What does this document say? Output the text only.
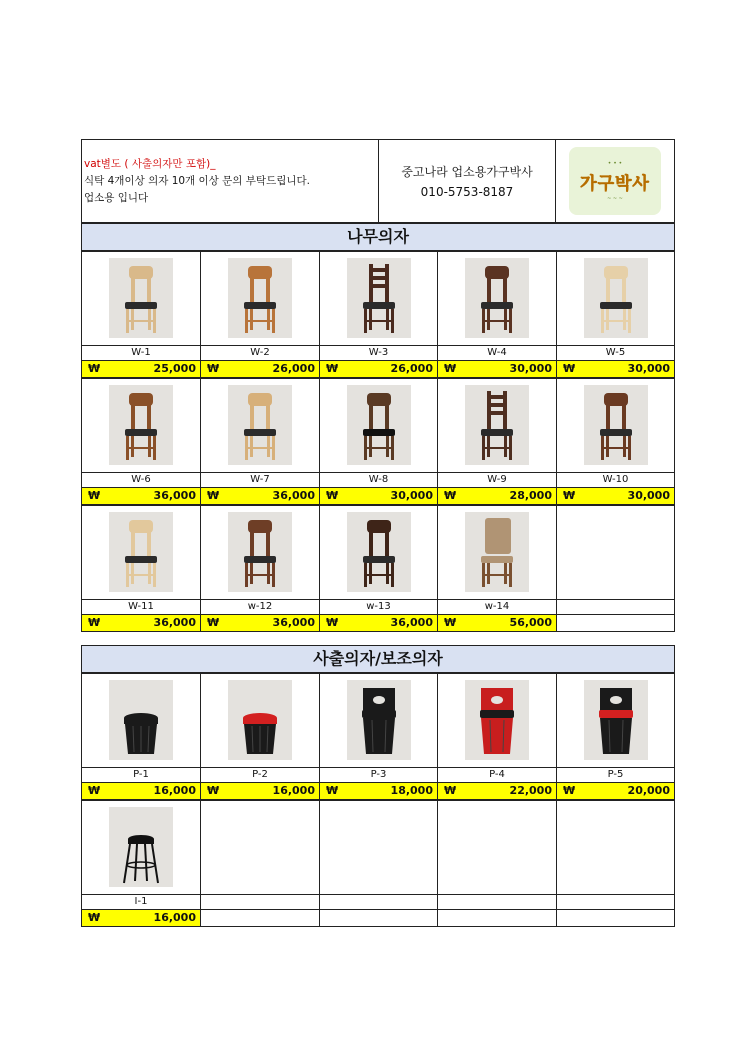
vat별도 ( 사출의자만 포함)_
식탁 4개이상 의자 10개 이상 문의 부탁드립니다.
업소용 입니다
중고나라 업소용가구박사
010-5753-8187
• • •
가구박사
~ ~ ~
나무의자
W-1
₩	25,000
W-2
₩	26,000
W-3
₩	26,000
W-4
₩	30,000
W-5
₩	30,000
W-6
₩	36,000
W-7
₩	36,000
W-8
₩	30,000
W-9
₩	28,000
W-10
₩	30,000
W-11
₩	36,000
w-12
₩	36,000
w-13
₩	36,000
w-14
₩	56,000
사출의자/보조의자
P-1
₩	16,000
P-2
₩	16,000
P-3
₩	18,000
P-4
₩	22,000
P-5
₩	20,000
I-1
₩	16,000
